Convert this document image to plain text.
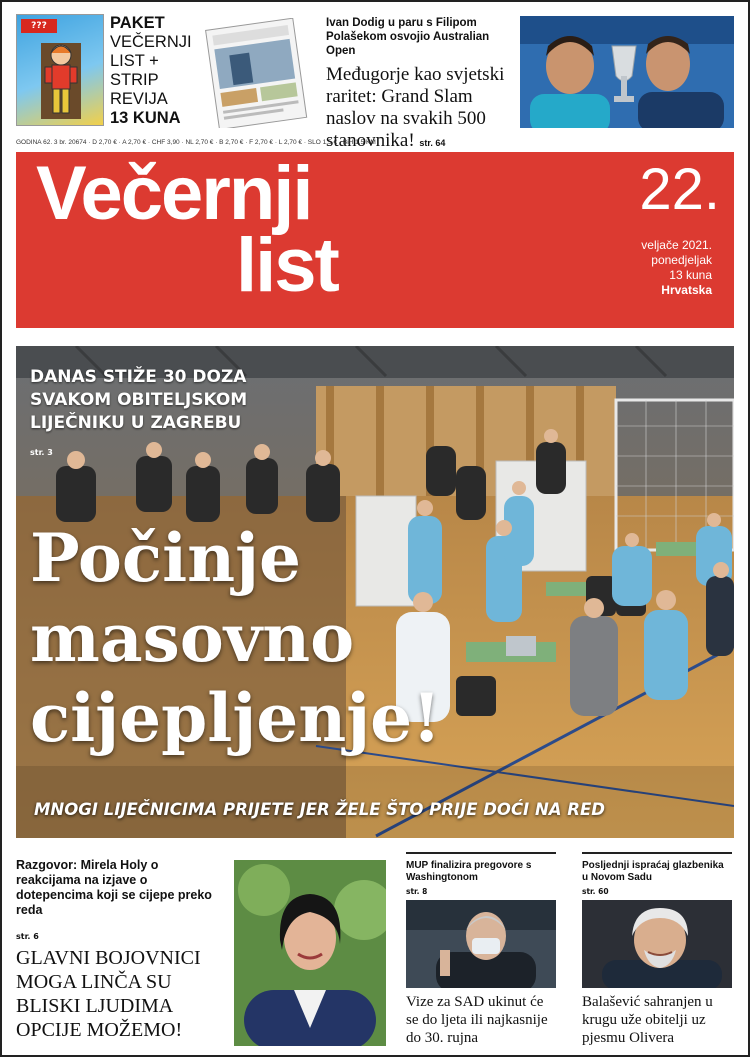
???	PAKET
VEČERNJI
LIST +
STRIP
REVIJA
13 KUNA
Ivan Dodig u paru s Filipom Polašekom osvojio Australian Open
Međugorje kao svjetski raritet: Grand Slam naslov na svakih 500 stanovnika! str. 64
GODINA 62. 3 br. 20674 · D 2,70 € · A 2,70 € · CHF 3,90 · NL 2,70 € · B 2,70 € · F 2,70 € · L 2,70 € · SLO 1,5 € · BiH 1,5 KM
Večernji
list
22.
veljače 2021.
ponedjeljak
13 kuna
Hrvatska
DANAS STIŽE 30 DOZA SVAKOM OBITELJSKOM LIJEČNIKU U ZAGREBU
str. 3
Počinje masovno cijepljenje!
MNOGI LIJEČNICIMA PRIJETE JER ŽELE ŠTO PRIJE DOĆI NA RED
Razgovor: Mirela Holy o reakcijama na izjave o dotepencima koji se cijepe preko reda
str. 6
GLAVNI BOJOVNICI MOGA LINČA SU BLISKI LJUDIMA OPCIJE MOŽEMO!
MUP finalizira pregovore s Washingtonom
str. 8
Vize za SAD ukinut će se do ljeta ili najkasnije do 30. rujna
Posljednji ispraćaj glazbenika u Novom Sadu
str. 60
Balašević sahranjen u krugu uže obitelji uz pjesmu Olivera
